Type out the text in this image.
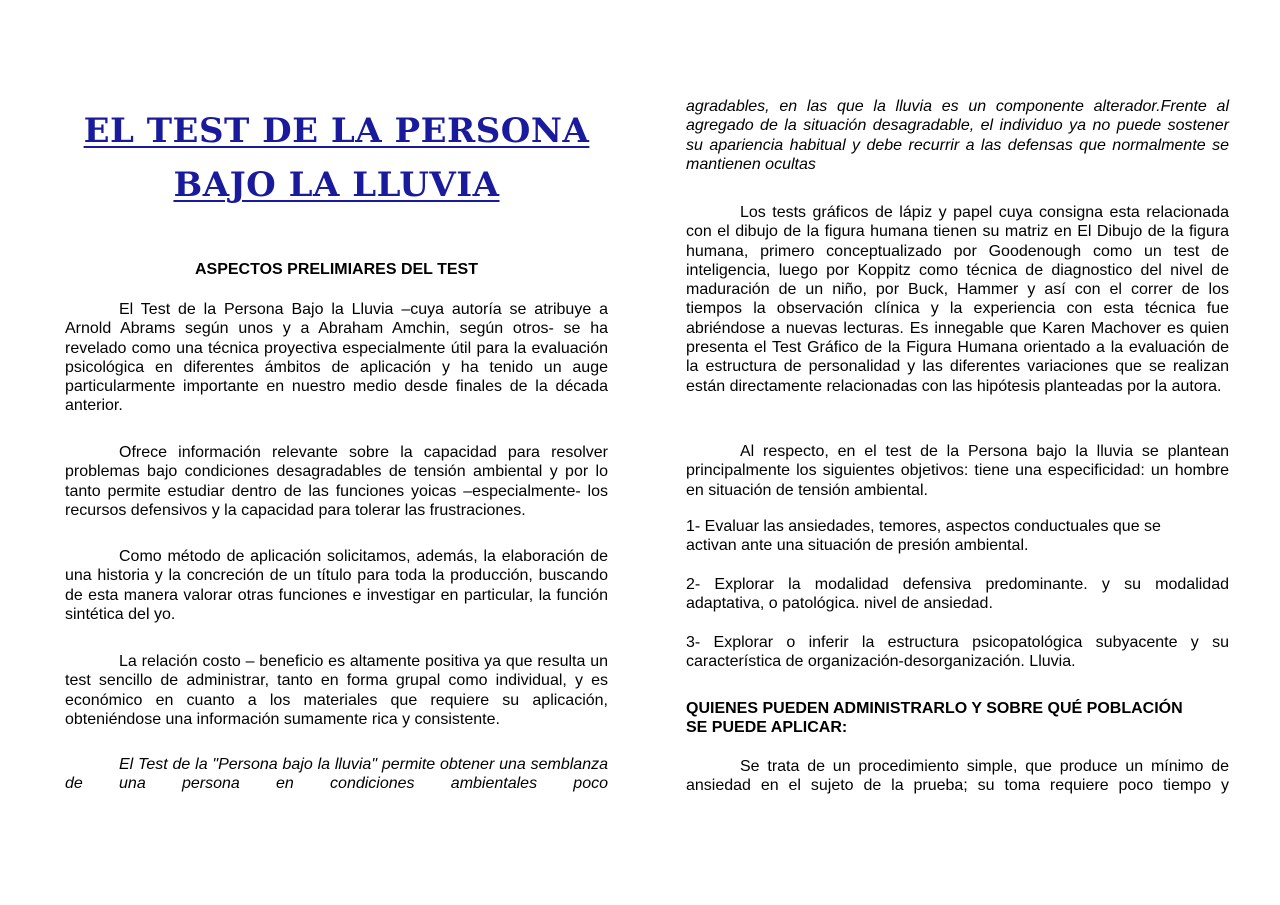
EL TEST DE LA PERSONA
BAJO LA LLUVIA

ASPECTOS PRELIMIARES DEL TEST

El Test de la Persona Bajo la Lluvia –cuya autoría se atribuye a Arnold Abrams según unos y a Abraham Amchin, según otros- se ha revelado como una técnica proyectiva especialmente útil para la evaluación psicológica en diferentes ámbitos de aplicación y ha tenido un auge particularmente importante en nuestro medio desde finales de la década anterior.

Ofrece información relevante sobre la capacidad para resolver problemas bajo condiciones desagradables de tensión ambiental y por lo tanto permite estudiar dentro de las funciones yoicas –especialmente- los recursos defensivos y la capacidad para tolerar las frustraciones.

Como método de aplicación solicitamos, además, la elaboración de una historia y la concreción de un título para toda la producción, buscando de esta manera valorar otras funciones e investigar en particular, la función sintética del yo.

La relación costo – beneficio es altamente positiva ya que resulta un test sencillo de administrar, tanto en forma grupal como individual, y es económico en cuanto a los materiales que requiere su aplicación, obteniéndose una información sumamente rica y consistente.

El Test de la "Persona bajo la lluvia" permite obtener una semblanza de una persona en condiciones ambientales poco

agradables, en las que la lluvia es un componente alterador.Frente al agregado de la situación desagradable, el individuo ya no puede sostener su apariencia habitual y debe recurrir a las defensas que normalmente se mantienen ocultas

Los tests gráficos de lápiz y papel cuya consigna esta relacionada con el dibujo de la figura humana tienen su matriz en El Dibujo de la figura humana, primero conceptualizado por Goodenough como un test de inteligencia, luego por Koppitz como técnica de diagnostico del nivel de maduración de un niño, por Buck, Hammer y así con el correr de los tiempos la observación clínica y la experiencia con esta técnica fue abriéndose a nuevas lecturas. Es innegable que Karen Machover es quien presenta el Test Gráfico de la Figura Humana orientado a la evaluación de la estructura de personalidad y las diferentes variaciones que se realizan están directamente relacionadas con las hipótesis planteadas por la autora.

Al respecto, en el test de la Persona bajo la lluvia se plantean principalmente los siguientes objetivos: tiene una especificidad: un hombre en situación de tensión ambiental.

1- Evaluar las ansiedades, temores, aspectos conductuales que se

activan ante una situación de presión ambiental.

2- Explorar la modalidad defensiva predominante. y su modalidad adaptativa, o patológica. nivel de ansiedad.

3- Explorar o inferir la estructura psicopatológica subyacente y su característica de organización-desorganización. Lluvia.

QUIENES PUEDEN ADMINISTRARLO Y SOBRE QUÉ POBLACIÓN

SE PUEDE APLICAR:

Se trata de un procedimiento simple, que produce un mínimo de ansiedad en el sujeto de la prueba; su toma requiere poco tiempo y
